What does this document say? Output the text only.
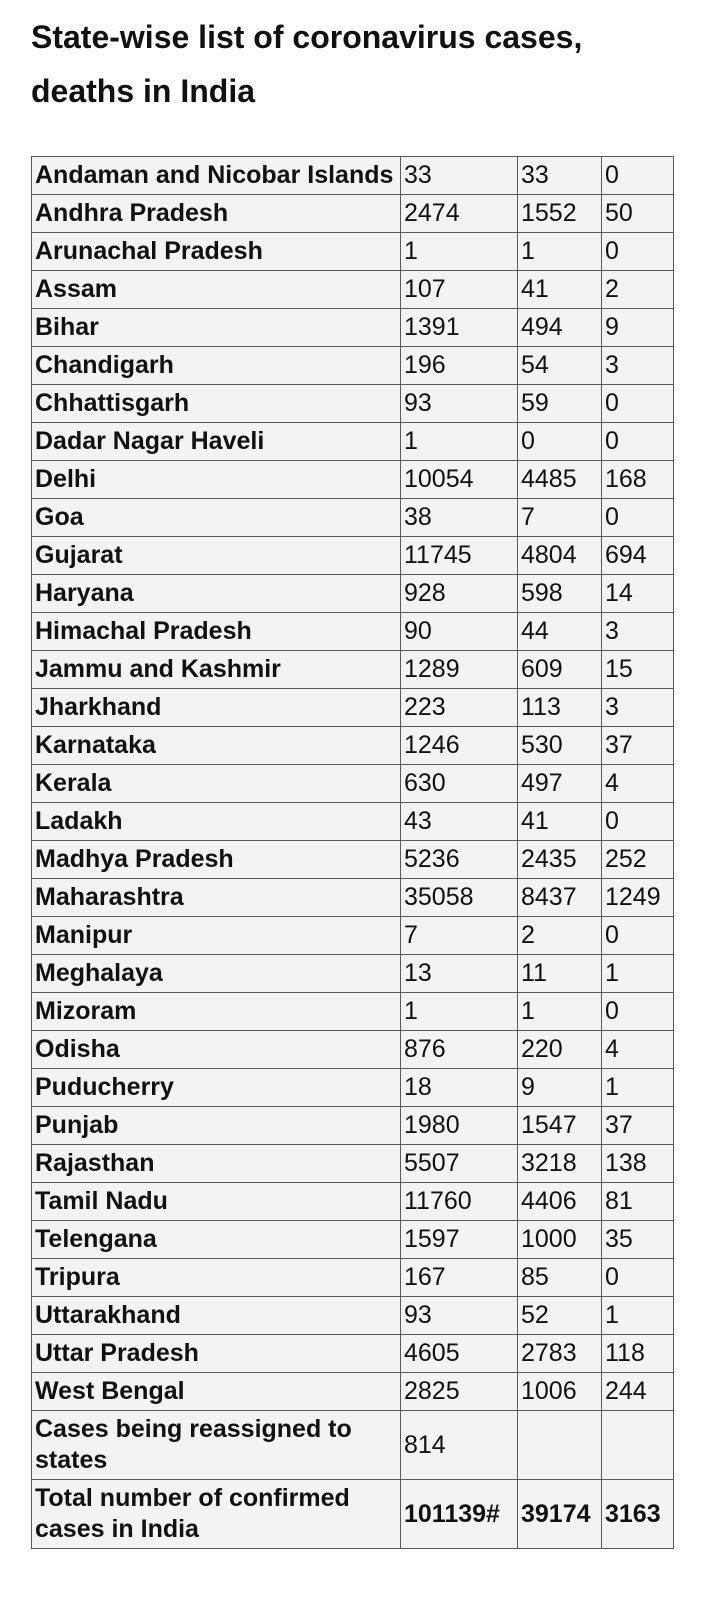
State-wise list of coronavirus cases, deaths in India
Andaman and Nicobar Islands	33	33	0
Andhra Pradesh	2474	1552	50
Arunachal Pradesh	1	1	0
Assam	107	41	2
Bihar	1391	494	9
Chandigarh	196	54	3
Chhattisgarh	93	59	0
Dadar Nagar Haveli	1	0	0
Delhi	10054	4485	168
Goa	38	7	0
Gujarat	11745	4804	694
Haryana	928	598	14
Himachal Pradesh	90	44	3
Jammu and Kashmir	1289	609	15
Jharkhand	223	113	3
Karnataka	1246	530	37
Kerala	630	497	4
Ladakh	43	41	0
Madhya Pradesh	5236	2435	252
Maharashtra	35058	8437	1249
Manipur	7	2	0
Meghalaya	13	11	1
Mizoram	1	1	0
Odisha	876	220	4
Puducherry	18	9	1
Punjab	1980	1547	37
Rajasthan	5507	3218	138
Tamil Nadu	11760	4406	81
Telengana	1597	1000	35
Tripura	167	85	0
Uttarakhand	93	52	1
Uttar Pradesh	4605	2783	118
West Bengal	2825	1006	244
Cases being reassigned to states	814		
Total number of confirmed cases in India	101139#	39174	3163
